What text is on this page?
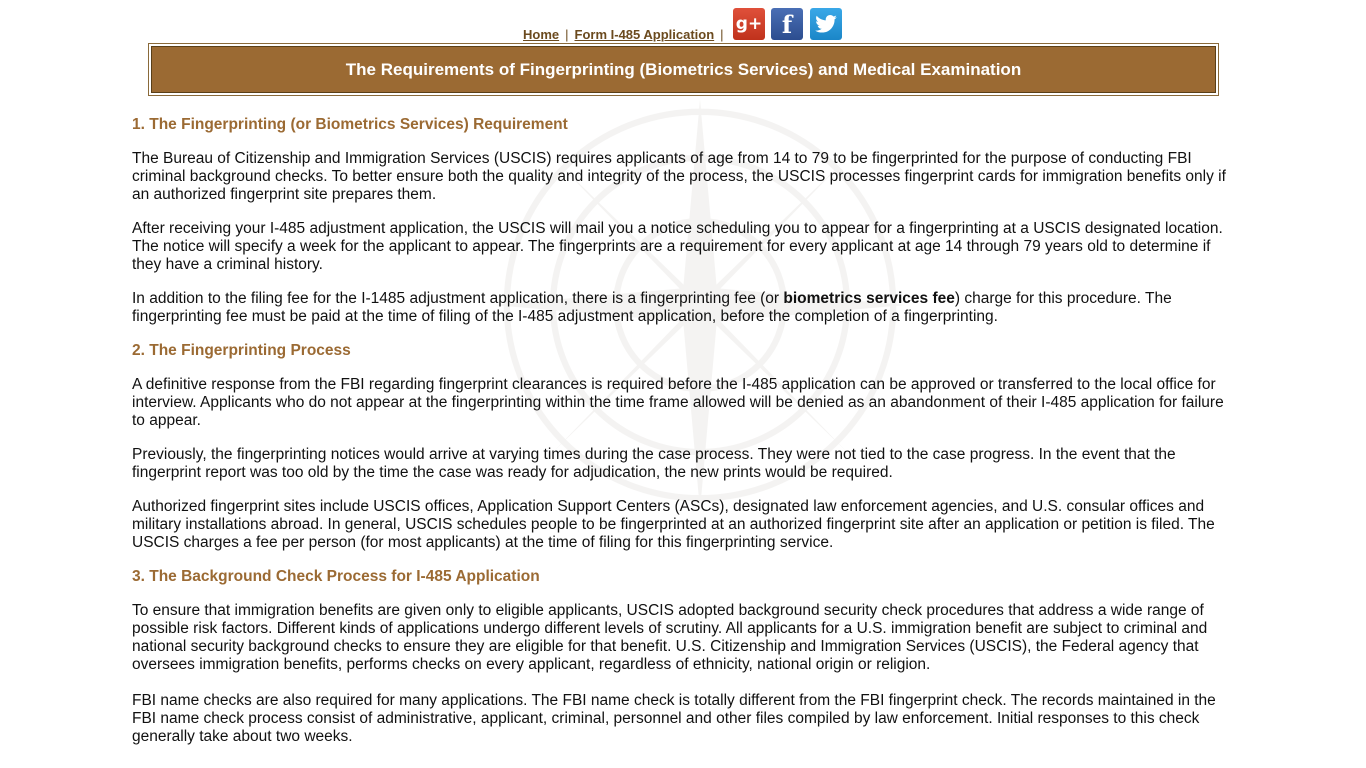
Home | Form I-485 Application |
g+ f
The Requirements of Fingerprinting (Biometrics Services) and Medical Examination
1. The Fingerprinting (or Biometrics Services) Requirement

The Bureau of Citizenship and Immigration Services (USCIS) requires applicants of age from 14 to 79 to be fingerprinted for the purpose of conducting FBI criminal background checks. To better ensure both the quality and integrity of the process, the USCIS processes fingerprint cards for immigration benefits only if an authorized fingerprint site prepares them.

After receiving your I-485 adjustment application, the USCIS will mail you a notice scheduling you to appear for a fingerprinting at a USCIS designated location. The notice will specify a week for the applicant to appear. The fingerprints are a requirement for every applicant at age 14 through 79 years old to determine if they have a criminal history.

In addition to the filing fee for the I-1485 adjustment application, there is a fingerprinting fee (or biometrics services fee) charge for this procedure. The fingerprinting fee must be paid at the time of filing of the I-485 adjustment application, before the completion of a fingerprinting.

2. The Fingerprinting Process

A definitive response from the FBI regarding fingerprint clearances is required before the I-485 application can be approved or transferred to the local office for interview. Applicants who do not appear at the fingerprinting within the time frame allowed will be denied as an abandonment of their I-485 application for failure to appear.

Previously, the fingerprinting notices would arrive at varying times during the case process. They were not tied to the case progress. In the event that the fingerprint report was too old by the time the case was ready for adjudication, the new prints would be required.

Authorized fingerprint sites include USCIS offices, Application Support Centers (ASCs), designated law enforcement agencies, and U.S. consular offices and military installations abroad. In general, USCIS schedules people to be fingerprinted at an authorized fingerprint site after an application or petition is filed. The USCIS charges a fee per person (for most applicants) at the time of filing for this fingerprinting service.

3. The Background Check Process for I-485 Application

To ensure that immigration benefits are given only to eligible applicants, USCIS adopted background security check procedures that address a wide range of possible risk factors. Different kinds of applications undergo different levels of scrutiny. All applicants for a U.S. immigration benefit are subject to criminal and national security background checks to ensure they are eligible for that benefit. U.S. Citizenship and Immigration Services (USCIS), the Federal agency that oversees immigration benefits, performs checks on every applicant, regardless of ethnicity, national origin or religion.

FBI name checks are also required for many applications. The FBI name check is totally different from the FBI fingerprint check. The records maintained in the FBI name check process consist of administrative, applicant, criminal, personnel and other files compiled by law enforcement. Initial responses to this check generally take about two weeks.
